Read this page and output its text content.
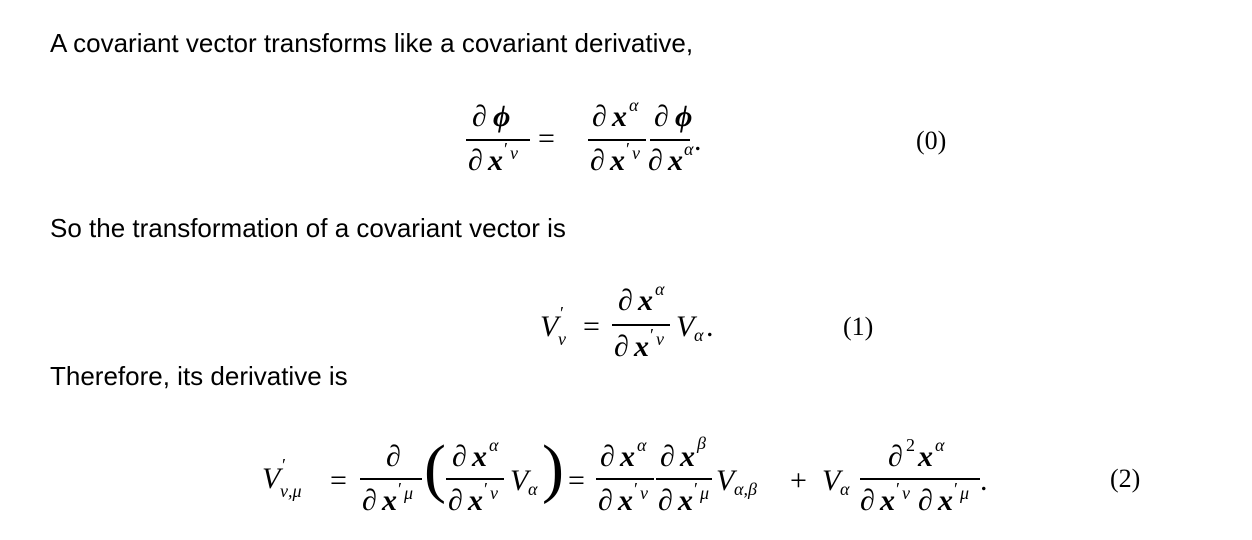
A covariant vector transforms like a covariant derivative,
So the transformation of a covariant vector is
Therefore, its derivative is
(0)
(1)
(2)
∂ ϕ
∂ x ′ ν =
∂ x α
∂ x ′ ν
∂ ϕ
∂ x α .
V ′
ν =
∂ x α
∂ x ′ ν V α .
V ′
ν,μ =
∂
∂ x ′ μ ( ∂ x α
∂ x ′ ν V α ) =
∂ x α ∂ x β
∂ x ′ ν ∂ x ′ μ V α,β + V α
∂ 2 x α
∂ x ′ ν ∂ x ′ μ .
